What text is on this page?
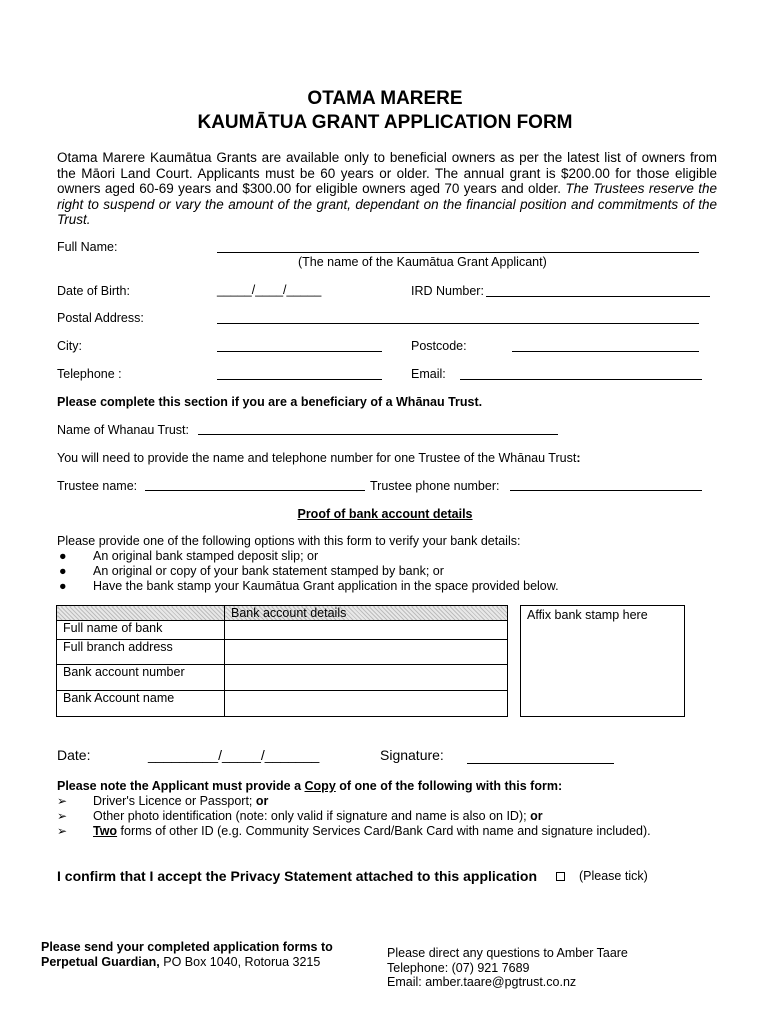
OTAMA MARERE
KAUMĀTUA GRANT APPLICATION FORM
Otama Marere Kaumātua Grants are available only to beneficial owners as per the latest list of owners from the Māori Land Court. Applicants must be 60 years or older. The annual grant is $200.00 for those eligible owners aged 60-69 years and $300.00 for eligible owners aged 70 years and older. The Trustees reserve the right to suspend or vary the amount of the grant, dependant on the financial position and commitments of the Trust.
Full Name:
(The name of the Kaumātua Grant Applicant)
Date of Birth:	_____/____/_____	IRD Number:
Postal Address:
City:	Postcode:
Telephone :	Email:
Please complete this section if you are a beneficiary of a Whānau Trust.
Name of Whanau Trust:
You will need to provide the name and telephone number for one Trustee of the Whānau Trust:
Trustee name:	Trustee phone number:
Proof of bank account details
Please provide one of the following options with this form to verify your bank details:
● An original bank stamped deposit slip; or
● An original or copy of your bank statement stamped by bank; or
● Have the bank stamp your Kaumātua Grant application in the space provided below.
	Bank account details
Full name of bank	
Full branch address	
Bank account number	
Bank Account name	
Affix bank stamp here
Date:	_________/_____/_______	Signature:
Please note the Applicant must provide a Copy of one of the following with this form:
➢ Driver's Licence or Passport; or
➢ Other photo identification (note: only valid if signature and name is also on ID); or
➢ Two forms of other ID (e.g. Community Services Card/Bank Card with name and signature included).
I confirm that I accept the Privacy Statement attached to this application	(Please tick)
Please send your completed application forms to
Perpetual Guardian, PO Box 1040, Rotorua 3215
Please direct any questions to Amber Taare
Telephone: (07) 921 7689
Email: amber.taare@pgtrust.co.nz
